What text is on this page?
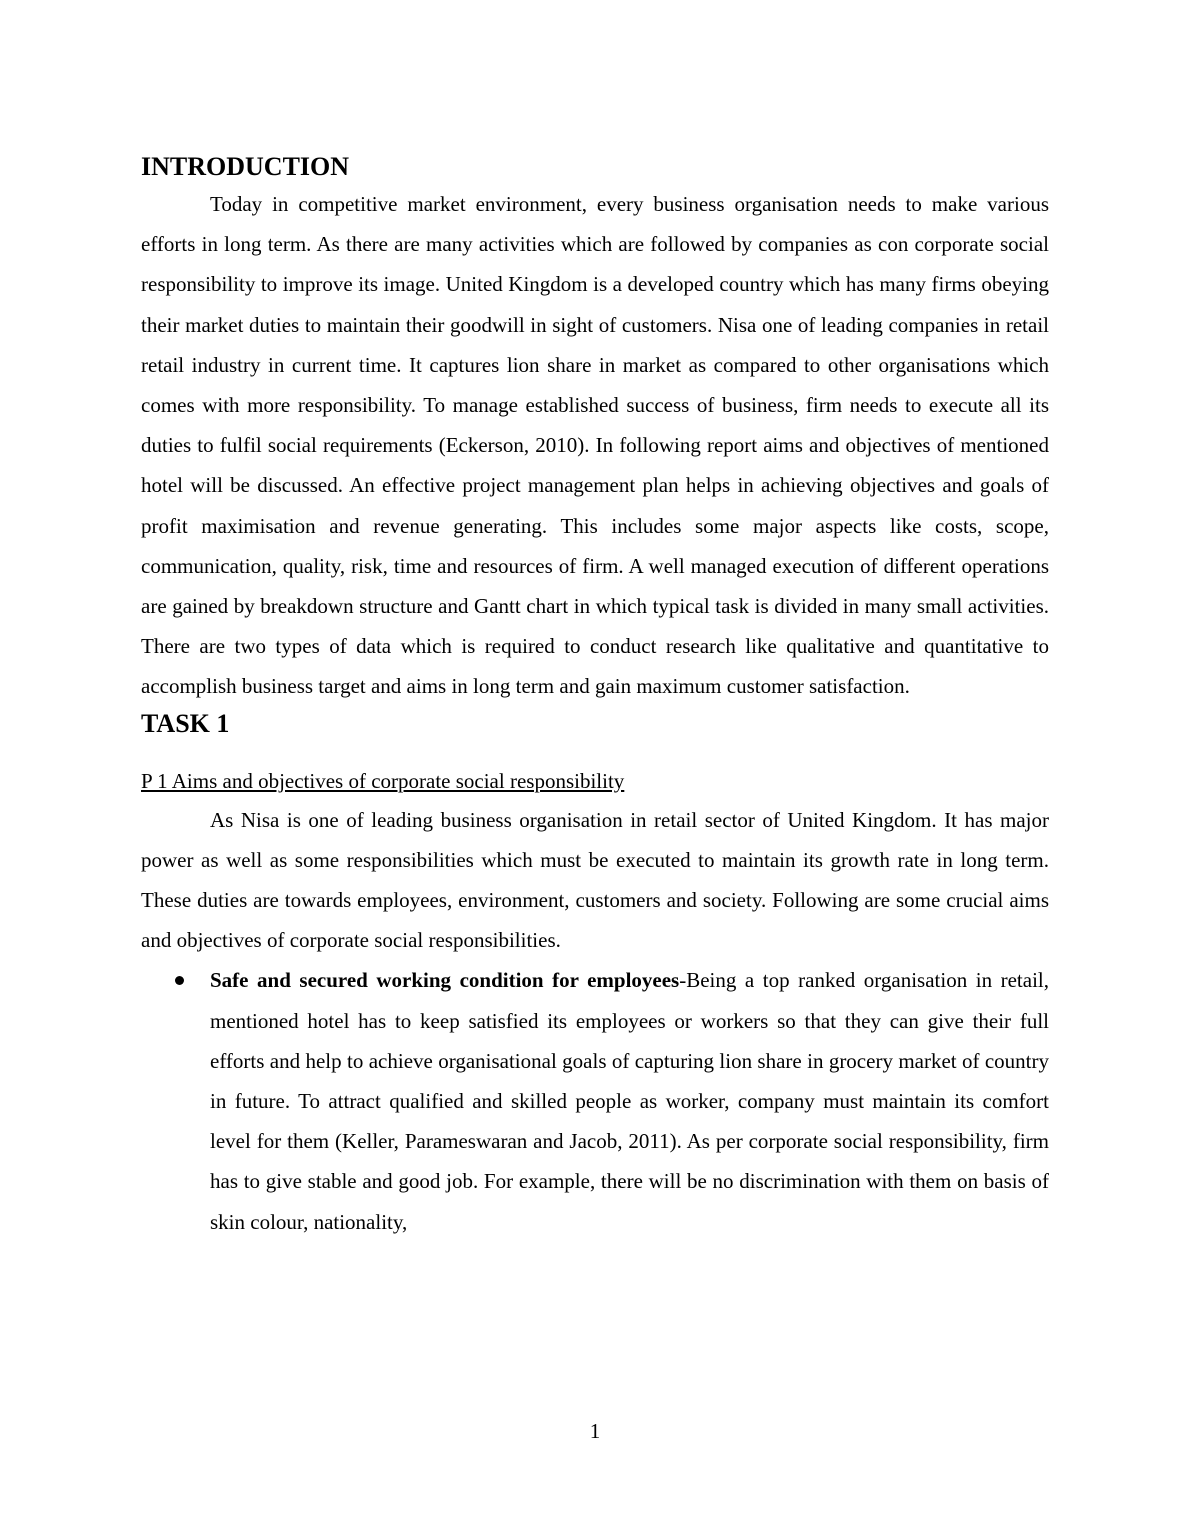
INTRODUCTION

Today in competitive market environment, every business organisation needs to make various efforts in long term. As there are many activities which are followed by companies as con corporate social responsibility to improve its image. United Kingdom is a developed country which has many firms obeying their market duties to maintain their goodwill in sight of customers. Nisa one of leading companies in retail retail industry in current time. It captures lion share in market as compared to other organisations which comes with more responsibility. To manage established success of business, firm needs to execute all its duties to fulfil social requirements (Eckerson, 2010). In following report aims and objectives of mentioned hotel will be discussed. An effective project management plan helps in achieving objectives and goals of profit maximisation and revenue generating. This includes some major aspects like costs, scope, communication, quality, risk, time and resources of firm. A well managed execution of different operations are gained by breakdown structure and Gantt chart in which typical task is divided in many small activities. There are two types of data which is required to conduct research like qualitative and quantitative to accomplish business target and aims in long term and gain maximum customer satisfaction.

TASK 1
P 1 Aims and objectives of corporate social responsibility

As Nisa is one of leading business organisation in retail sector of United Kingdom. It has major power as well as some responsibilities which must be executed to maintain its growth rate in long term. These duties are towards employees, environment, customers and society. Following are some crucial aims and objectives of corporate social responsibilities.

Safe and secured working condition for employees-Being a top ranked organisation in retail, mentioned hotel has to keep satisfied its employees or workers so that they can give their full efforts and help to achieve organisational goals of capturing lion share in grocery market of country in future. To attract qualified and skilled people as worker, company must maintain its comfort level for them (Keller, Parameswaran and Jacob, 2011). As per corporate social responsibility, firm has to give stable and good job. For example, there will be no discrimination with them on basis of skin colour, nationality,
1
